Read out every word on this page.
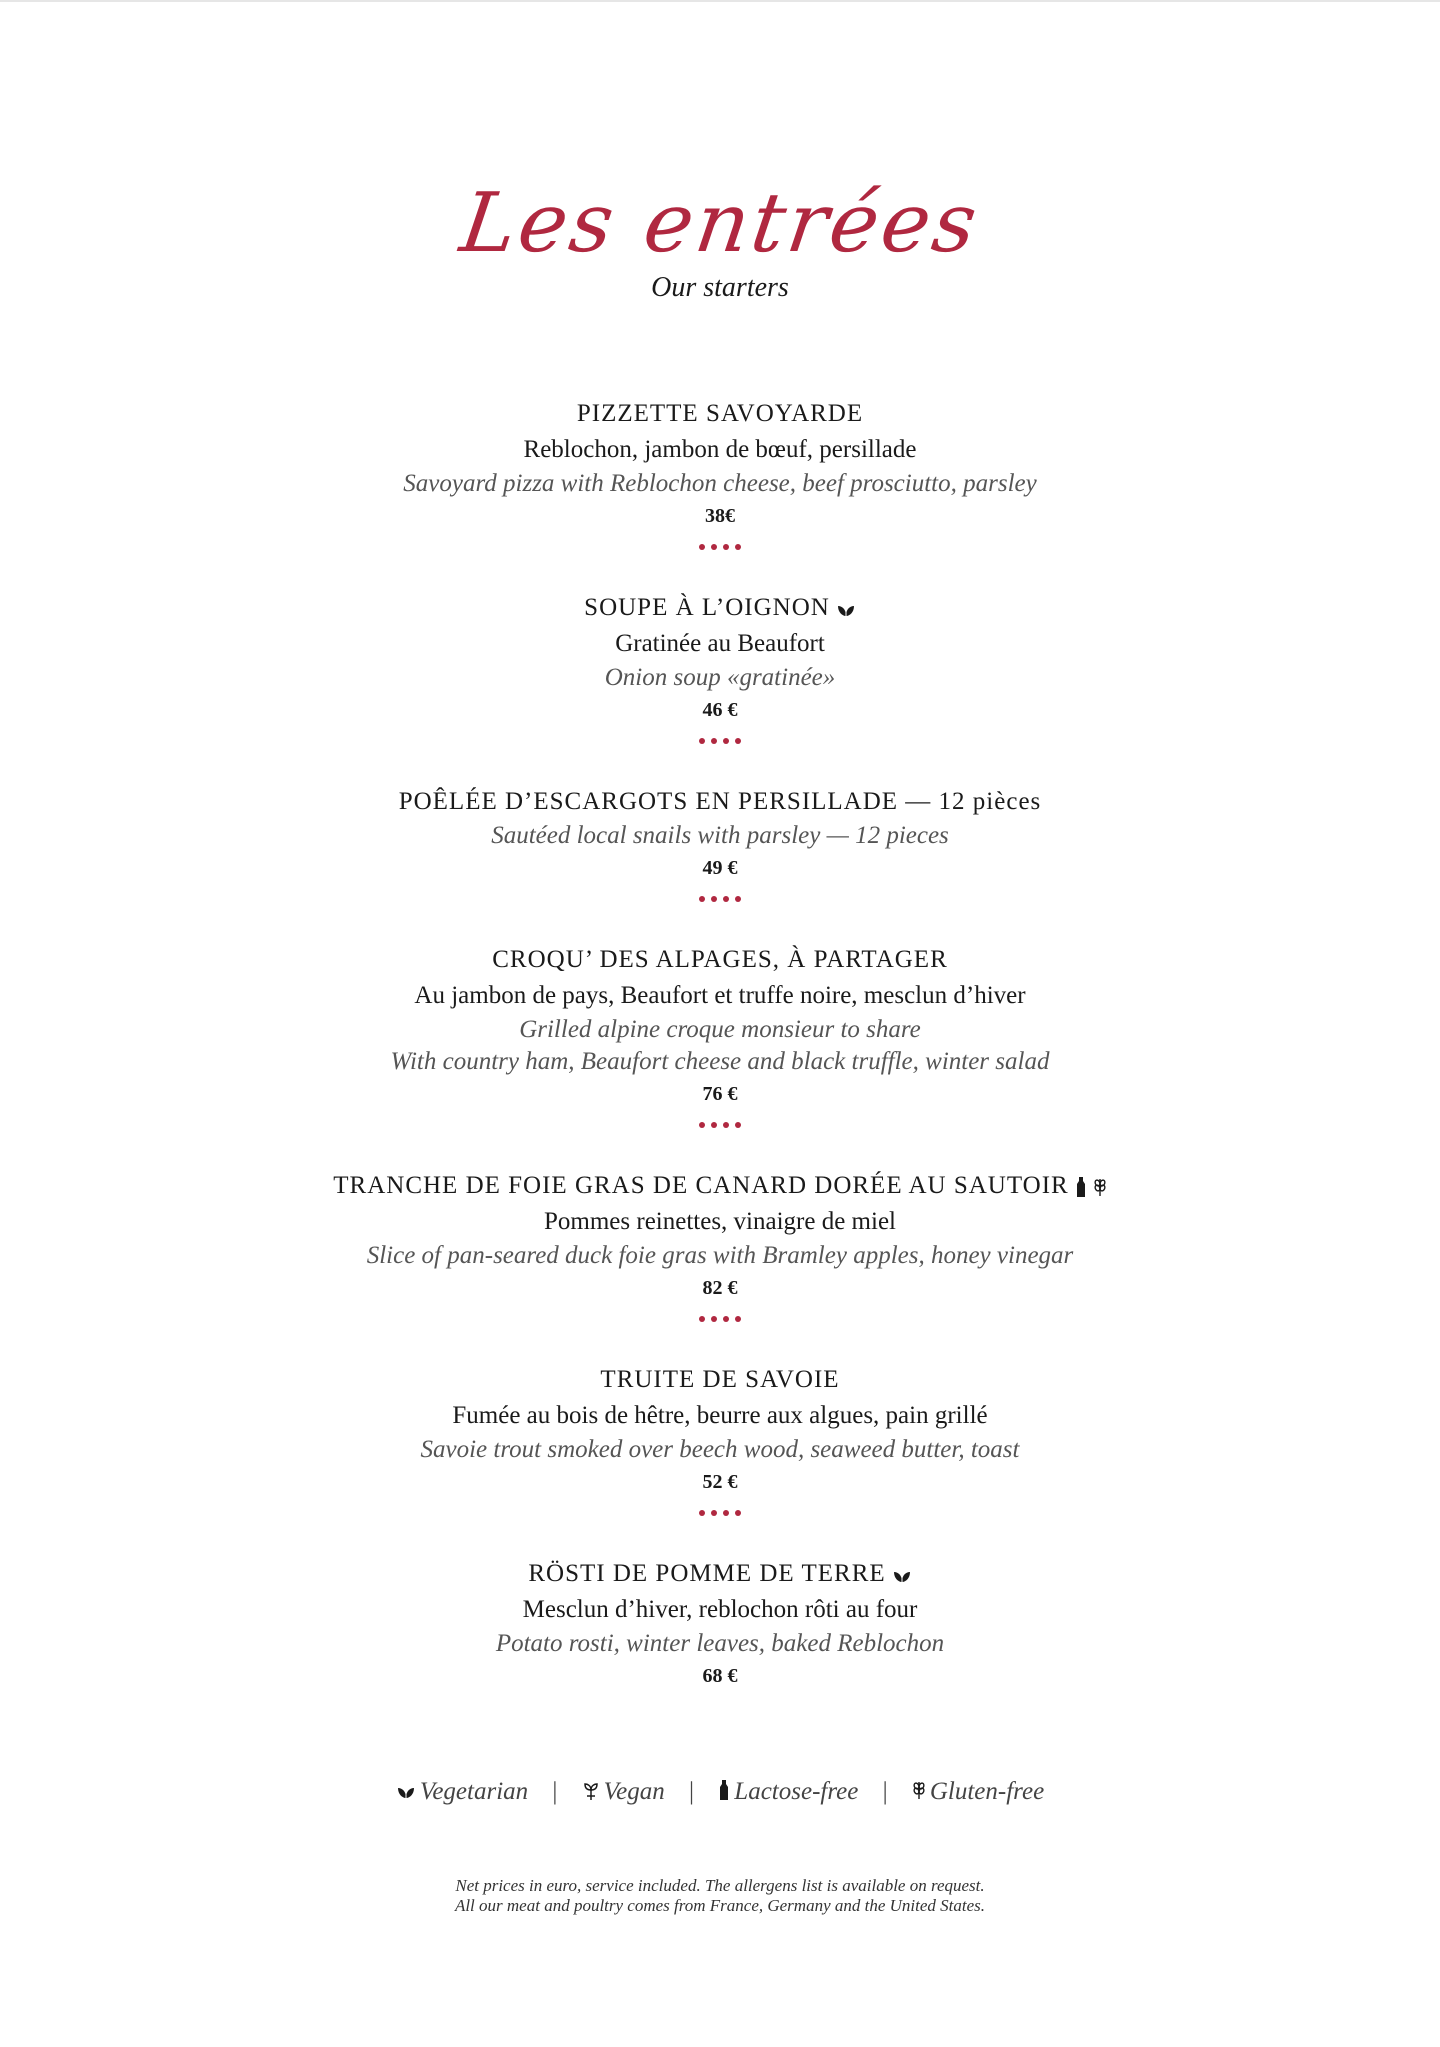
Les entrées
Our starters
PIZZETTE SAVOYARDE
Reblochon, jambon de bœuf, persillade
Savoyard pizza with Reblochon cheese, beef prosciutto, parsley
38€
SOUPE À L’OIGNON
Gratinée au Beaufort
Onion soup «gratinée»
46 €
POÊLÉE D’ESCARGOTS EN PERSILLADE — 12 pièces
Sautéed local snails with parsley — 12 pieces
49 €
CROQU’ DES ALPAGES, À PARTAGER
Au jambon de pays, Beaufort et truffe noire, mesclun d’hiver
Grilled alpine croque monsieur to share
With country ham, Beaufort cheese and black truffle, winter salad
76 €
TRANCHE DE FOIE GRAS DE CANARD DORÉE AU SAUTOIR
Pommes reinettes, vinaigre de miel
Slice of pan-seared duck foie gras with Bramley apples, honey vinegar
82 €
TRUITE DE SAVOIE
Fumée au bois de hêtre, beurre aux algues, pain grillé
Savoie trout smoked over beech wood, seaweed butter, toast
52 €
RÖSTI DE POMME DE TERRE
Mesclun d’hiver, reblochon rôti au four
Potato rosti, winter leaves, baked Reblochon
68 €
Vegetarian | Vegan | Lactose-free | Gluten-free
Net prices in euro, service included. The allergens list is available on request.
All our meat and poultry comes from France, Germany and the United States.
